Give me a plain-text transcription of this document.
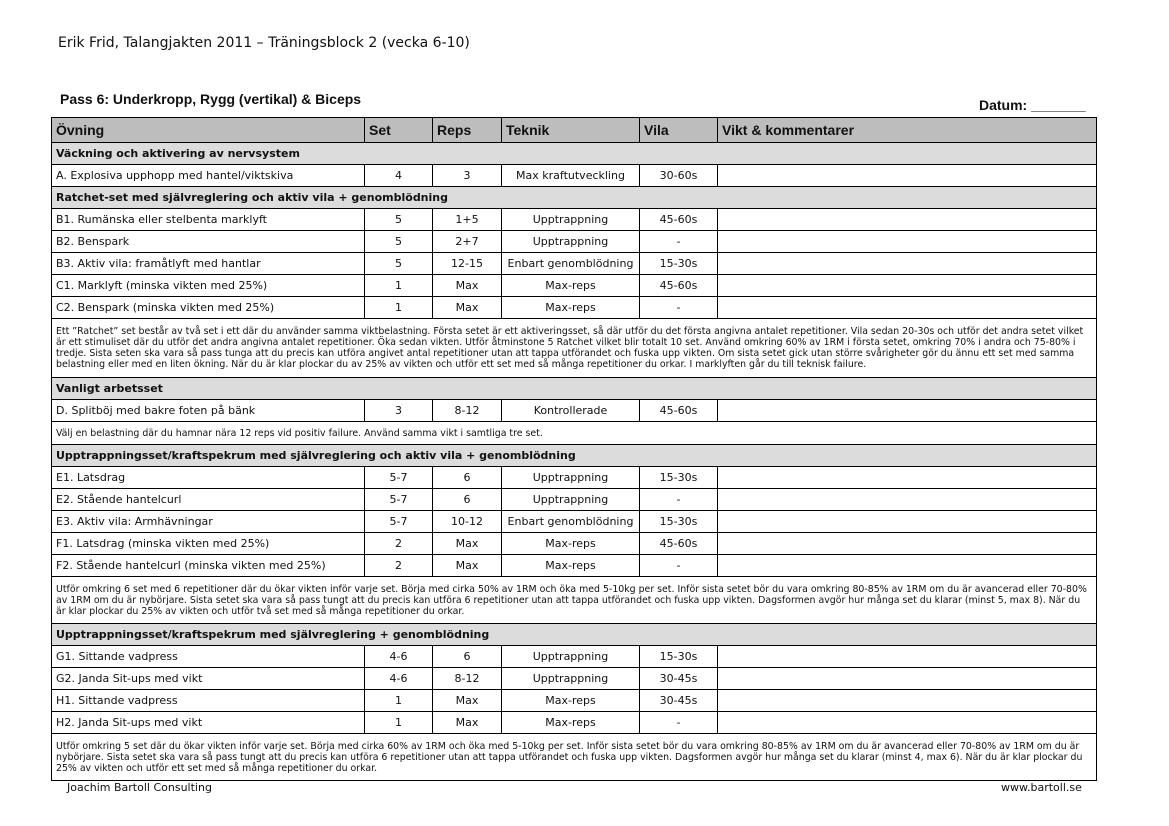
Erik Frid, Talangjakten 2011 – Träningsblock 2 (vecka 6-10)
Pass 6: Underkropp, Rygg (vertikal) & Biceps	Datum: _______
Övning	Set	Reps	Teknik	Vila	Vikt & kommentarer
Väckning och aktivering av nervsystem					
A. Explosiva upphopp med hantel/viktskiva	4	3	Max kraftutveckling	30-60s	
Ratchet-set med självreglering och aktiv vila + genomblödning					
B1. Rumänska eller stelbenta marklyft	5	1+5	Upptrappning	45-60s	
B2. Benspark	5	2+7	Upptrappning	-	
B3. Aktiv vila: framåtlyft med hantlar	5	12-15	Enbart genomblödning	15-30s	
C1. Marklyft (minska vikten med 25%)	1	Max	Max-reps	45-60s	
C2. Benspark (minska vikten med 25%)	1	Max	Max-reps	-	
Ett ”Ratchet” set består av två set i ett där du använder samma viktbelastning. Första setet är ett aktiveringsset, så där utför du det första angivna antalet repetitioner. Vila sedan 20-30s och utför det andra setet vilket är ett stimuliset där du utför det andra angivna antalet repetitioner. Öka sedan vikten. Utför åtminstone 5 Ratchet vilket blir totalt 10 set. Använd omkring 60% av 1RM i första setet, omkring 70% i andra och 75-80% i tredje. Sista seten ska vara så pass tunga att du precis kan utföra angivet antal repetitioner utan att tappa utförandet och fuska upp vikten. Om sista setet gick utan större svårigheter gör du ännu ett set med samma belastning eller med en liten ökning. När du är klar plockar du av 25% av vikten och utför ett set med så många repetitioner du orkar. I marklyften går du till teknisk failure.					
Vanligt arbetsset					
D. Splitböj med bakre foten på bänk	3	8-12	Kontrollerade	45-60s	
Välj en belastning där du hamnar nära 12 reps vid positiv failure. Använd samma vikt i samtliga tre set.					
Upptrappningsset/kraftspekrum med självreglering och aktiv vila + genomblödning					
E1. Latsdrag	5-7	6	Upptrappning	15-30s	
E2. Stående hantelcurl	5-7	6	Upptrappning	-	
E3. Aktiv vila: Armhävningar	5-7	10-12	Enbart genomblödning	15-30s	
F1. Latsdrag (minska vikten med 25%)	2	Max	Max-reps	45-60s	
F2. Stående hantelcurl (minska vikten med 25%)	2	Max	Max-reps	-	
Utför omkring 6 set med 6 repetitioner där du ökar vikten inför varje set. Börja med cirka 50% av 1RM och öka med 5-10kg per set. Inför sista setet bör du vara omkring 80-85% av 1RM om du är avancerad eller 70-80% av 1RM om du är nybörjare. Sista setet ska vara så pass tungt att du precis kan utföra 6 repetitioner utan att tappa utförandet och fuska upp vikten. Dagsformen avgör hur många set du klarar (minst 5, max 8). När du är klar plockar du 25% av vikten och utför två set med så många repetitioner du orkar.					
Upptrappningsset/kraftspekrum med självreglering + genomblödning					
G1. Sittande vadpress	4-6	6	Upptrappning	15-30s	
G2. Janda Sit-ups med vikt	4-6	8-12	Upptrappning	30-45s	
H1. Sittande vadpress	1	Max	Max-reps	30-45s	
H2. Janda Sit-ups med vikt	1	Max	Max-reps	-	
Utför omkring 5 set där du ökar vikten inför varje set. Börja med cirka 60% av 1RM och öka med 5-10kg per set. Inför sista setet bör du vara omkring 80-85% av 1RM om du är avancerad eller 70-80% av 1RM om du är nybörjare. Sista setet ska vara så pass tungt att du precis kan utföra 6 repetitioner utan att tappa utförandet och fuska upp vikten. Dagsformen avgör hur många set du klarar (minst 4, max 6). När du är klar plockar du 25% av vikten och utför ett set med så många repetitioner du orkar.					
Joachim Bartoll Consulting	www.bartoll.se
